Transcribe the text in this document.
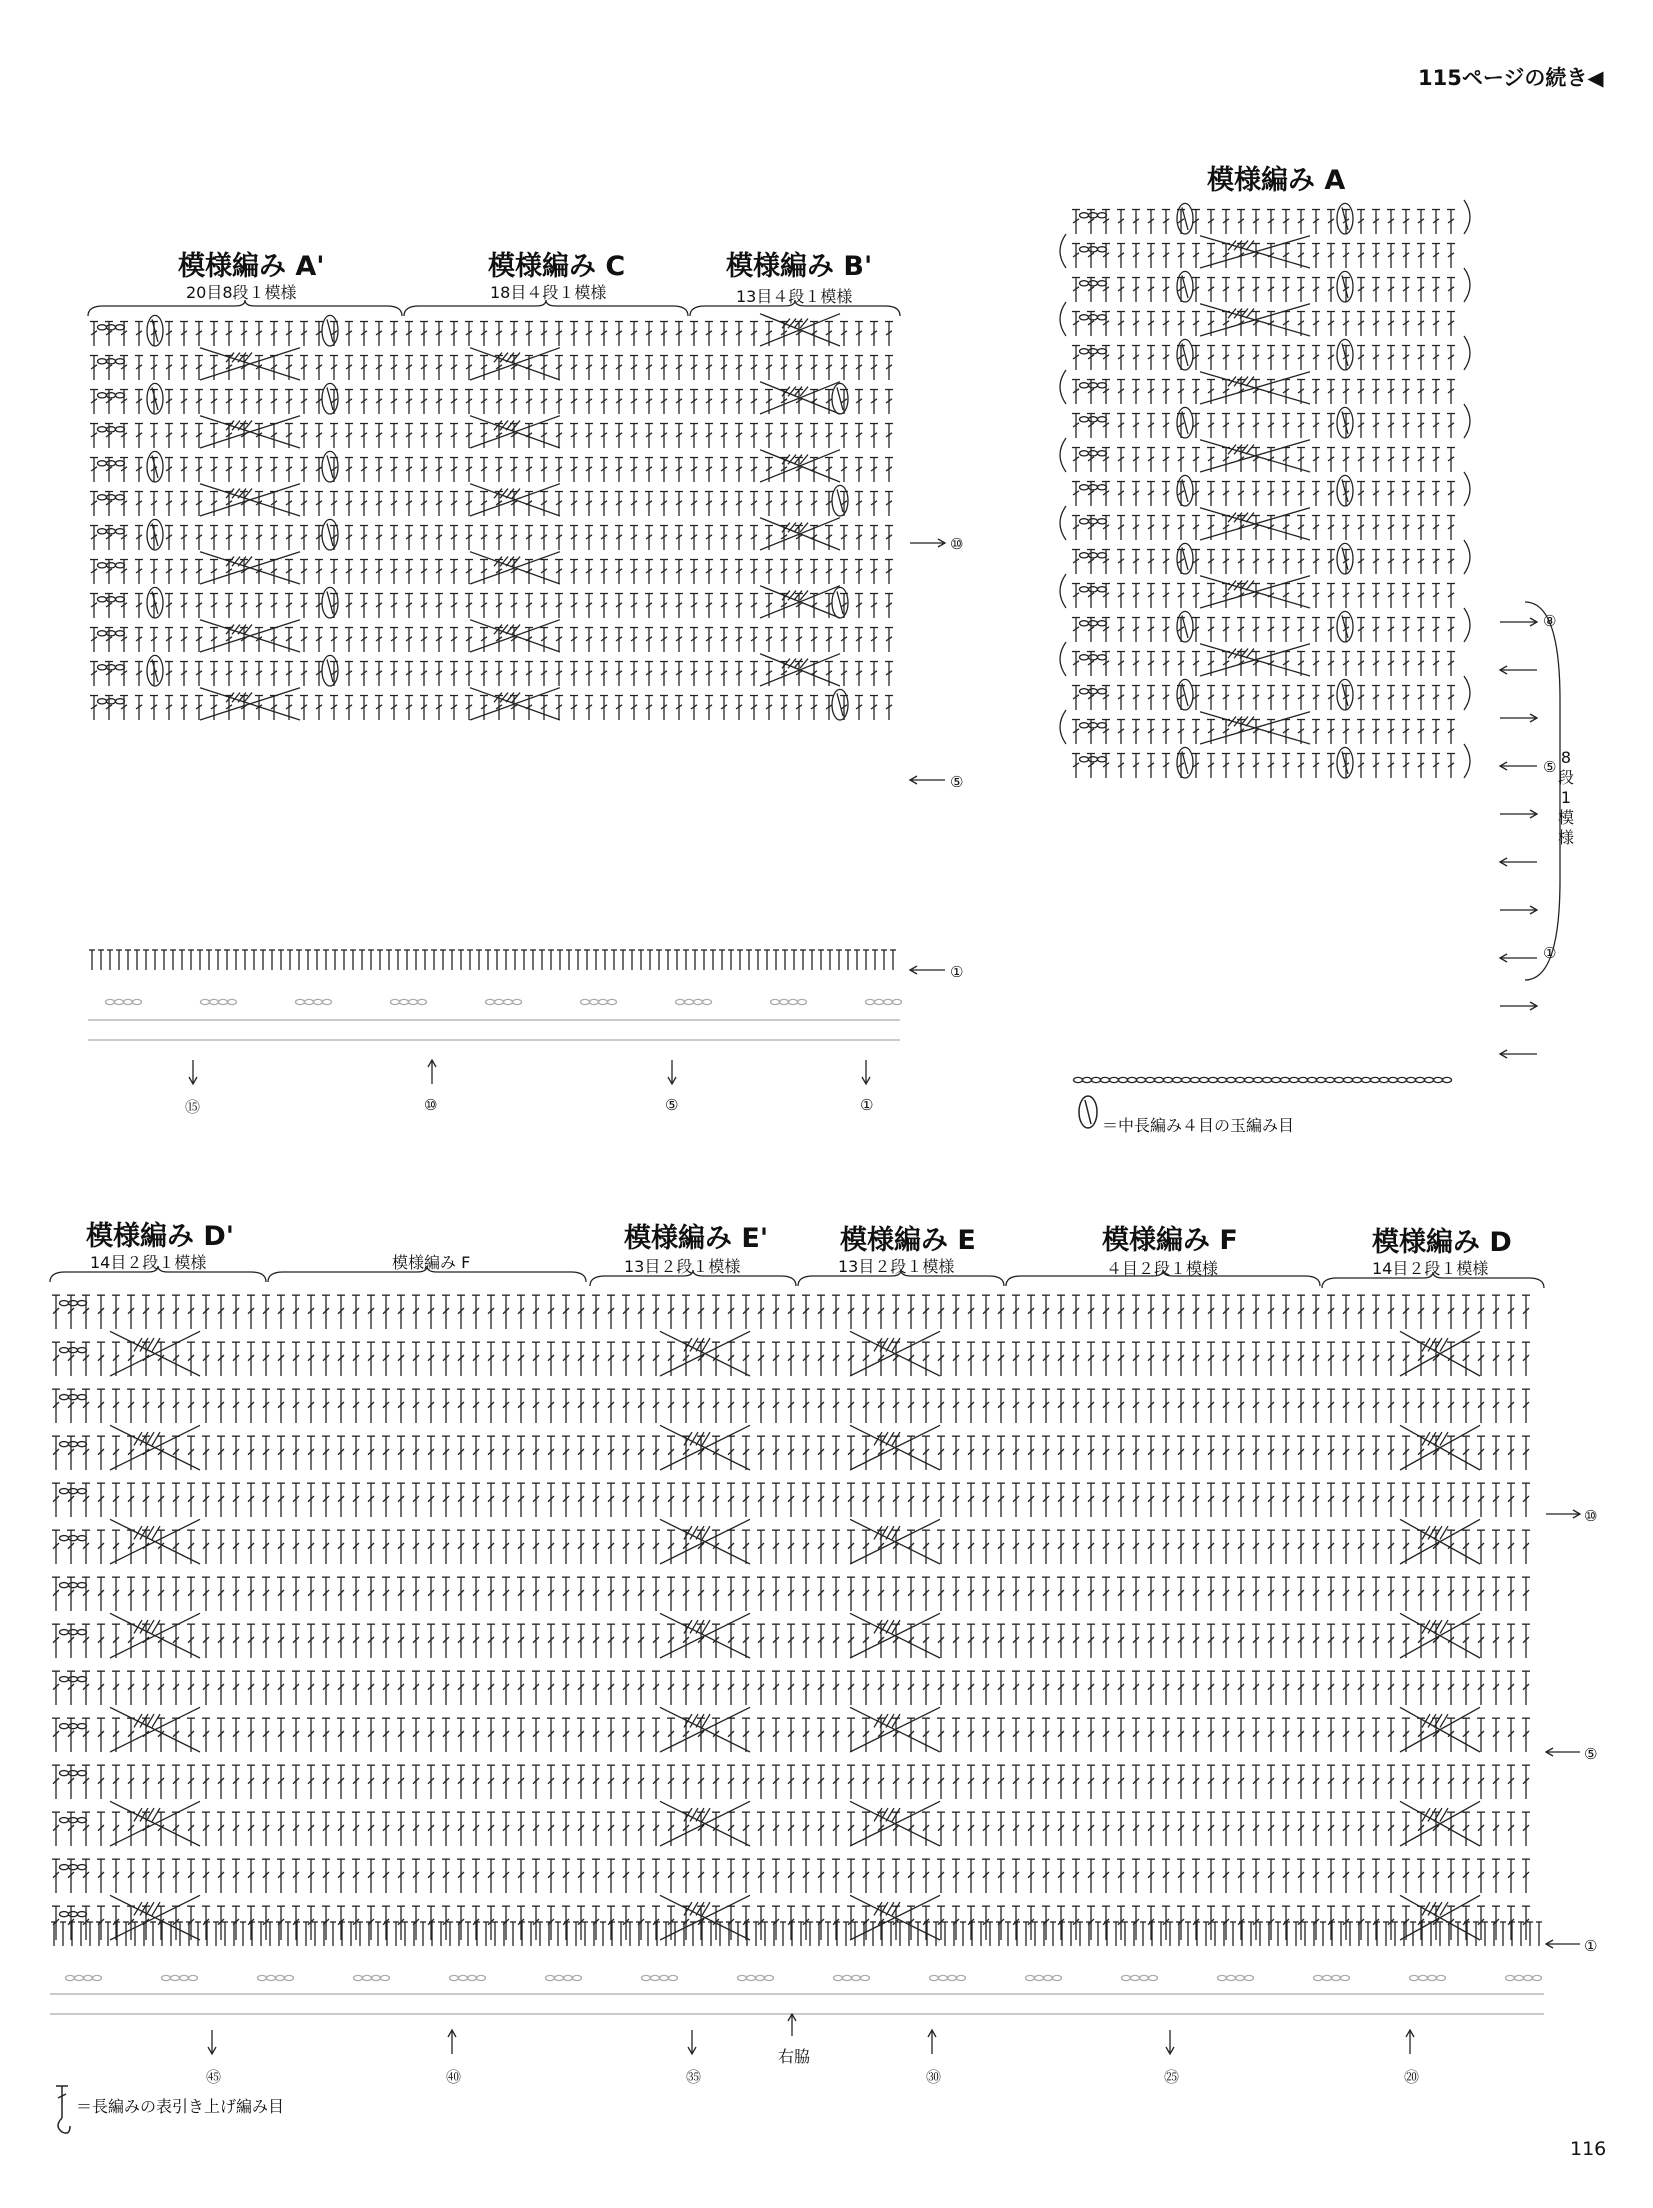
115ページの続き◀
模様編み A'
20目8段１模様
模様編み C
18目４段１模様
模様編み B'
13目４段１模様
⑩
⑤
①
⑮	⑩	⑤	①
模様編み A
⑧
⑤
①
8
段
1
模
様
＝中長編み４目の玉編み目
模様編み D'
14目２段１模様	模様編み F
模様編み E'
13目２段１模様
模様編み E
13目２段１模様
模様編み F
４目２段１模様
模様編み D
14目２段１模様
⑩
⑤
①
㊺	㊵	㉟	㉚	㉕	⑳
右脇
＝長編みの表引き上げ編み目
116
